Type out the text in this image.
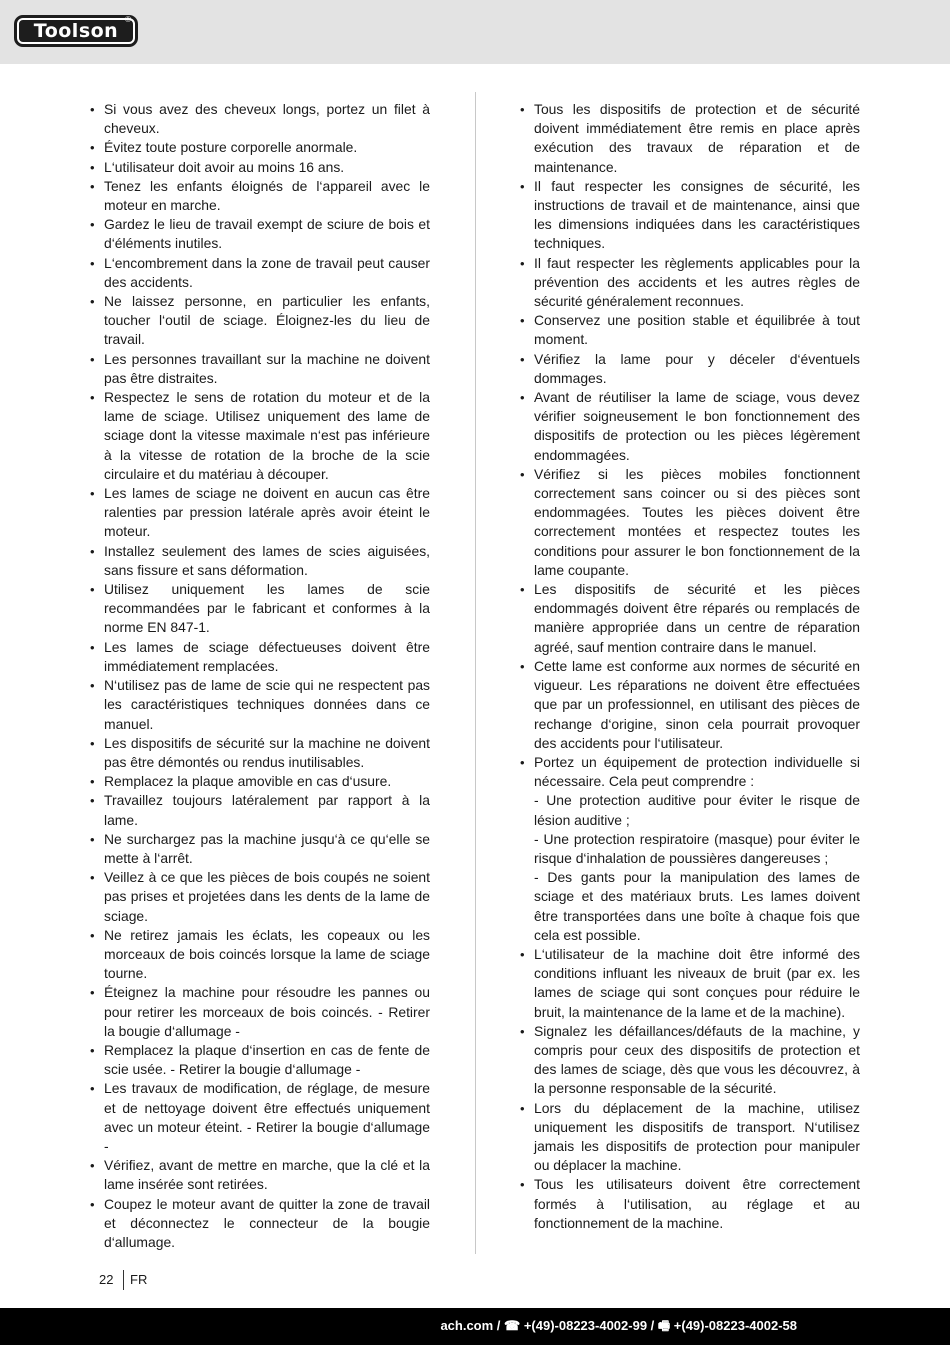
Toolson ®
• Si vous avez des cheveux longs, portez un filet à cheveux.
• Évitez toute posture corporelle anormale.
• L‘utilisateur doit avoir au moins 16 ans.
• Tenez les enfants éloignés de l‘appareil avec le moteur en marche.
• Gardez le lieu de travail exempt de sciure de bois et d‘éléments inutiles.
• L‘encombrement dans la zone de travail peut causer des accidents.
• Ne laissez personne, en particulier les enfants, toucher l‘outil de sciage. Éloignez-les du lieu de travail.
• Les personnes travaillant sur la machine ne doivent pas être distraites.
• Respectez le sens de rotation du moteur et de la lame de sciage. Utilisez uniquement des lame de sciage dont la vitesse maximale n‘est pas inférieure à la vitesse de rotation de la broche de la scie circulaire et du matériau à découper.
• Les lames de sciage ne doivent en aucun cas être ralenties par pression latérale après avoir éteint le moteur.
• Installez seulement des lames de scies aiguisées, sans fissure et sans déformation.
• Utilisez uniquement les lames de scie recommandées par le fabricant et conformes à la norme EN 847-1.
• Les lames de sciage défectueuses doivent être immédiatement remplacées.
• N‘utilisez pas de lame de scie qui ne respectent pas les caractéristiques techniques données dans ce manuel.
• Les dispositifs de sécurité sur la machine ne doivent pas être démontés ou rendus inutilisables.
• Remplacez la plaque amovible en cas d‘usure.
• Travaillez toujours latéralement par rapport à la lame.
• Ne surchargez pas la machine jusqu‘à ce qu‘elle se mette à l‘arrêt.
• Veillez à ce que les pièces de bois coupés ne soient pas prises et projetées dans les dents de la lame de sciage.
• Ne retirez jamais les éclats, les copeaux ou les morceaux de bois coincés lorsque la lame de sciage tourne.
• Éteignez la machine pour résoudre les pannes ou pour retirer les morceaux de bois coincés. - Retirer la bougie d‘allumage -
• Remplacez la plaque d‘insertion en cas de fente de scie usée. - Retirer la bougie d‘allumage -
• Les travaux de modification, de réglage, de mesure et de nettoyage doivent être effectués uniquement avec un moteur éteint. - Retirer la bougie d‘allumage -
• Vérifiez, avant de mettre en marche, que la clé et la lame insérée sont retirées.
• Coupez le moteur avant de quitter la zone de travail et déconnectez le connecteur de la bougie d‘allumage.
• Tous les dispositifs de protection et de sécurité doivent immédiatement être remis en place après exécution des travaux de réparation et de maintenance.
• Il faut respecter les consignes de sécurité, les instructions de travail et de maintenance, ainsi que les dimensions indiquées dans les caractéristiques techniques.
• Il faut respecter les règlements applicables pour la prévention des accidents et les autres règles de sécurité généralement reconnues.
• Conservez une position stable et équilibrée à tout moment.
• Vérifiez la lame pour y déceler d‘éventuels dommages.
• Avant de réutiliser la lame de sciage, vous devez vérifier soigneusement le bon fonctionnement des dispositifs de protection ou les pièces légèrement endommagées.
• Vérifiez si les pièces mobiles fonctionnent correctement sans coincer ou si des pièces sont endommagées. Toutes les pièces doivent être correctement montées et respectez toutes les conditions pour assurer le bon fonctionnement de la lame coupante.
• Les dispositifs de sécurité et les pièces endommagés doivent être réparés ou remplacés de manière appropriée dans un centre de réparation agréé, sauf mention contraire dans le manuel.
• Cette lame est conforme aux normes de sécurité en vigueur. Les réparations ne doivent être effectuées que par un professionnel, en utilisant des pièces de rechange d‘origine, sinon cela pourrait provoquer des accidents pour l‘utilisateur.
• Portez un équipement de protection individuelle si nécessaire. Cela peut comprendre :
- Une protection auditive pour éviter le risque de lésion auditive ;
- Une protection respiratoire (masque) pour éviter le risque d‘inhalation de poussières dangereuses ;
- Des gants pour la manipulation des lames de sciage et des matériaux bruts. Les lames doivent être transportées dans une boîte à chaque fois que cela est possible.
• L‘utilisateur de la machine doit être informé des conditions influant les niveaux de bruit (par ex. les lames de sciage qui sont conçues pour réduire le bruit, la maintenance de la lame et de la machine).
• Signalez les défaillances/défauts de la machine, y compris pour ceux des dispositifs de protection et des lames de sciage, dès que vous les découvrez, à la personne responsable de la sécurité.
• Lors du déplacement de la machine, utilisez uniquement les dispositifs de transport. N‘utilisez jamais les dispositifs de protection pour manipuler ou déplacer la machine.
• Tous les utilisateurs doivent être correctement formés à l‘utilisation, au réglage et au fonctionnement de la machine.
22 FR
ach.com / ☎ +(49)-08223-4002-99 / 🖷 +(49)-08223-4002-58
